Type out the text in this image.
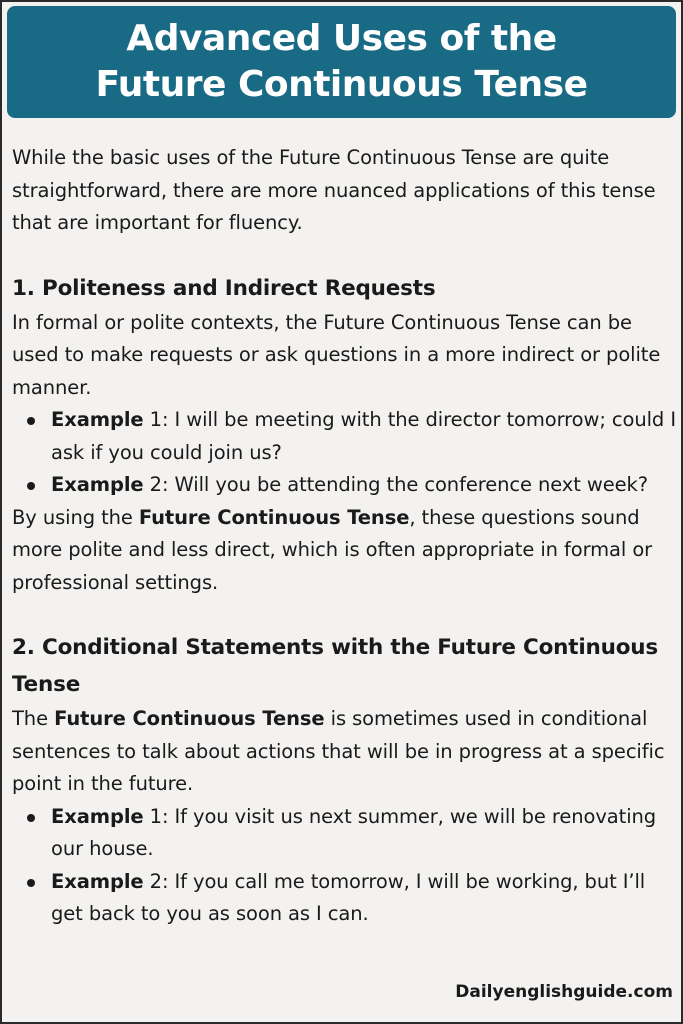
Advanced Uses of the
Future Continuous Tense

While the basic uses of the Future Continuous Tense are quite straightforward, there are more nuanced applications of this tense that are important for fluency.

1. Politeness and Indirect Requests

In formal or polite contexts, the Future Continuous Tense can be used to make requests or ask questions in a more indirect or polite manner.

Example 1: I will be meeting with the director tomorrow; could I ask if you could join us?
Example 2: Will you be attending the conference next week?

By using the Future Continuous Tense, these questions sound more polite and less direct, which is often appropriate in formal or professional settings.

2. Conditional Statements with the Future Continuous Tense

The Future Continuous Tense is sometimes used in conditional sentences to talk about actions that will be in progress at a specific point in the future.

Example 1: If you visit us next summer, we will be renovating our house.
Example 2: If you call me tomorrow, I will be working, but I’ll get back to you as soon as I can.
Dailyenglishguide.com
